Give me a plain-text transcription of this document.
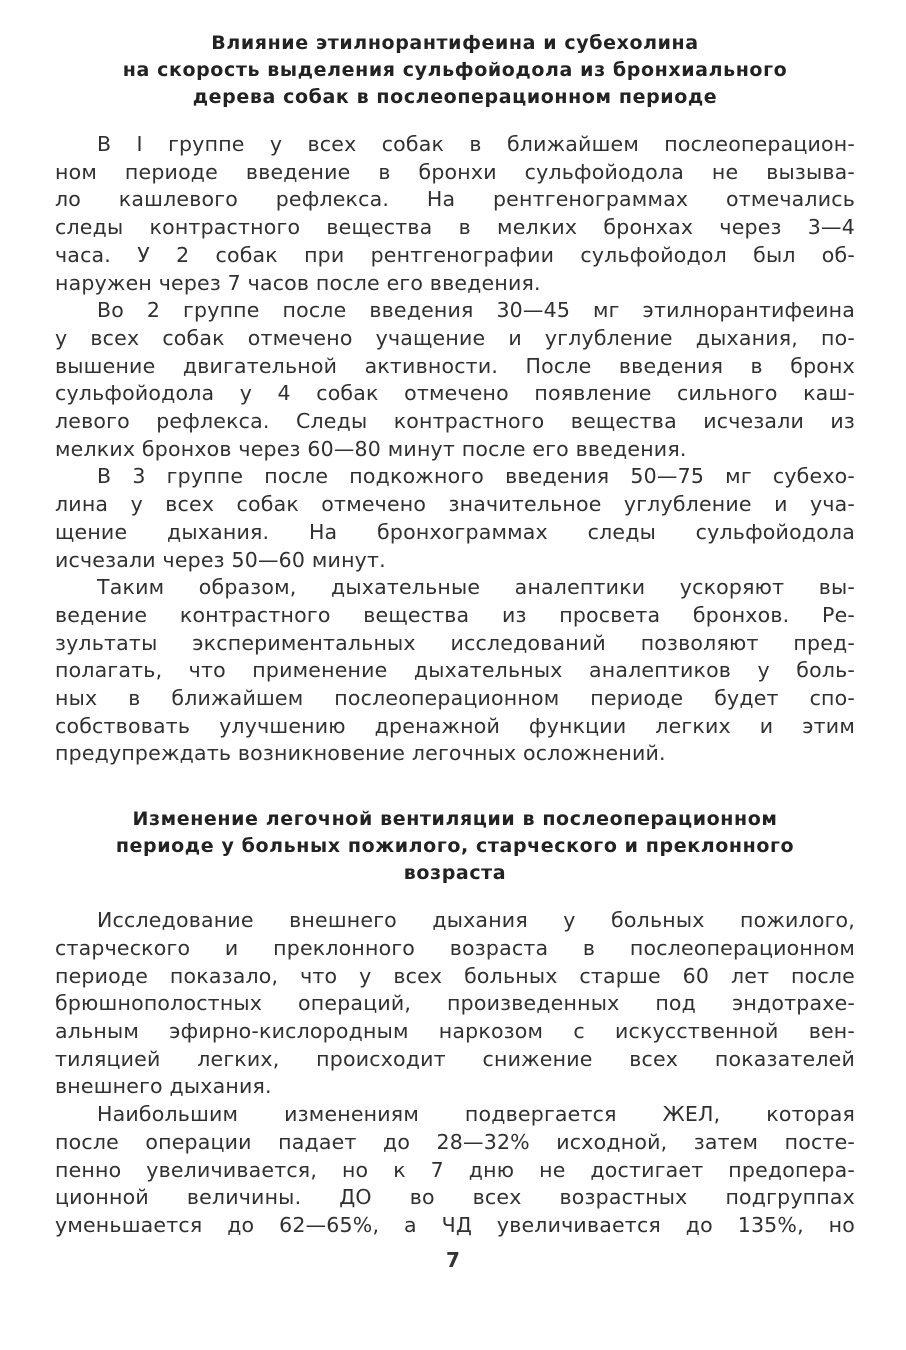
Влияние этилнорантифеина и субехолина
на скорость выделения сульфойодола из бронхиального
дерева собак в послеоперационном периоде

В I группе у всех собак в ближайшем послеоперацион-
ном периоде введение в бронхи сульфойодола не вызыва-
ло кашлевого рефлекса. На рентгенограммах отмечались
следы контрастного вещества в мелких бронхах через 3—4
часа. У 2 собак при рентгенографии сульфойодол был об-
наружен через 7 часов после его введения.

Во 2 группе после введения 30—45 мг этилнорантифеина
у всех собак отмечено учащение и углубление дыхания, по-
вышение двигательной активности. После введения в бронх
сульфойодола у 4 собак отмечено появление сильного каш-
левого рефлекса. Следы контрастного вещества исчезали из
мелких бронхов через 60—80 минут после его введения.

В 3 группе после подкожного введения 50—75 мг субехо-
лина у всех собак отмечено значительное углубление и уча-
щение дыхания. На бронхограммах следы сульфойодола
исчезали через 50—60 минут.

Таким образом, дыхательные аналептики ускоряют вы-
ведение контрастного вещества из просвета бронхов. Ре-
зультаты экспериментальных исследований позволяют пред-
полагать, что применение дыхательных аналептиков у боль-
ных в ближайшем послеоперационном периоде будет спо-
собствовать улучшению дренажной функции легких и этим
предупреждать возникновение легочных осложнений.

Изменение легочной вентиляции в послеоперационном
периоде у больных пожилого, старческого и преклонного
возраста

Исследование внешнего дыхания у больных пожилого,
старческого и преклонного возраста в послеоперационном
периоде показало, что у всех больных старше 60 лет после
брюшнополостных операций, произведенных под эндотрахе-
альным эфирно-кислородным наркозом с искусственной вен-
тиляцией легких, происходит снижение всех показателей
внешнего дыхания.

Наибольшим изменениям подвергается ЖЕЛ, которая
после операции падает до 28—32% исходной, затем посте-
пенно увеличивается, но к 7 дню не достигает предопера-
ционной величины. ДО во всех возрастных подгруппах
уменьшается до 62—65%, а ЧД увеличивается до 135%, но

7
